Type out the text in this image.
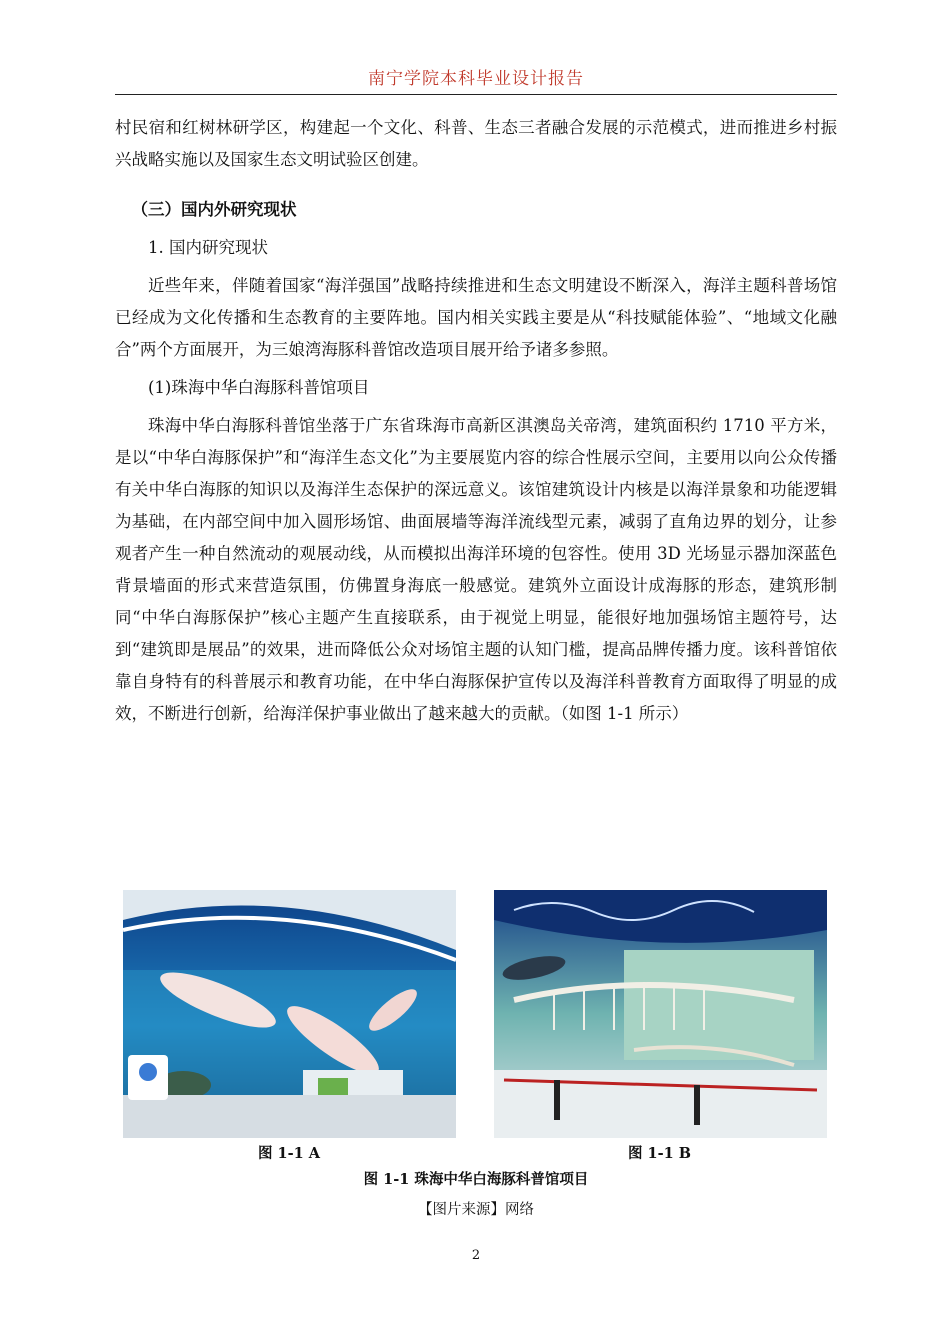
南宁学院本科毕业设计报告

村民宿和红树林研学区，构建起一个文化、科普、生态三者融合发展的示范模式，进而推进乡村振兴战略实施以及国家生态文明试验区创建。

（三）国内外研究现状

1. 国内研究现状

近些年来，伴随着国家“海洋强国”战略持续推进和生态文明建设不断深入，海洋主题科普场馆已经成为文化传播和生态教育的主要阵地。国内相关实践主要是从“科技赋能体验”、“地域文化融合”两个方面展开，为三娘湾海豚科普馆改造项目展开给予诸多参照。

(1)珠海中华白海豚科普馆项目

珠海中华白海豚科普馆坐落于广东省珠海市高新区淇澳岛关帝湾，建筑面积约 1710 平方米，是以“中华白海豚保护”和“海洋生态文化”为主要展览内容的综合性展示空间，主要用以向公众传播有关中华白海豚的知识以及海洋生态保护的深远意义。该馆建筑设计内核是以海洋景象和功能逻辑为基础，在内部空间中加入圆形场馆、曲面展墙等海洋流线型元素，减弱了直角边界的划分，让参观者产生一种自然流动的观展动线，从而模拟出海洋环境的包容性。使用 3D 光场显示器加深蓝色背景墙面的形式来营造氛围，仿佛置身海底一般感觉。建筑外立面设计成海豚的形态，建筑形制同“中华白海豚保护”核心主题产生直接联系，由于视觉上明显，能很好地加强场馆主题符号，达到“建筑即是展品”的效果，进而降低公众对场馆主题的认知门槛，提高品牌传播力度。该科普馆依靠自身特有的科普展示和教育功能，在中华白海豚保护宣传以及海洋科普教育方面取得了明显的成效，不断进行创新，给海洋保护事业做出了越来越大的贡献。（如图 1-1 所示）

图 1-1 A	图 1-1 B
图 1-1 珠海中华白海豚科普馆项目
【图片来源】网络
2
